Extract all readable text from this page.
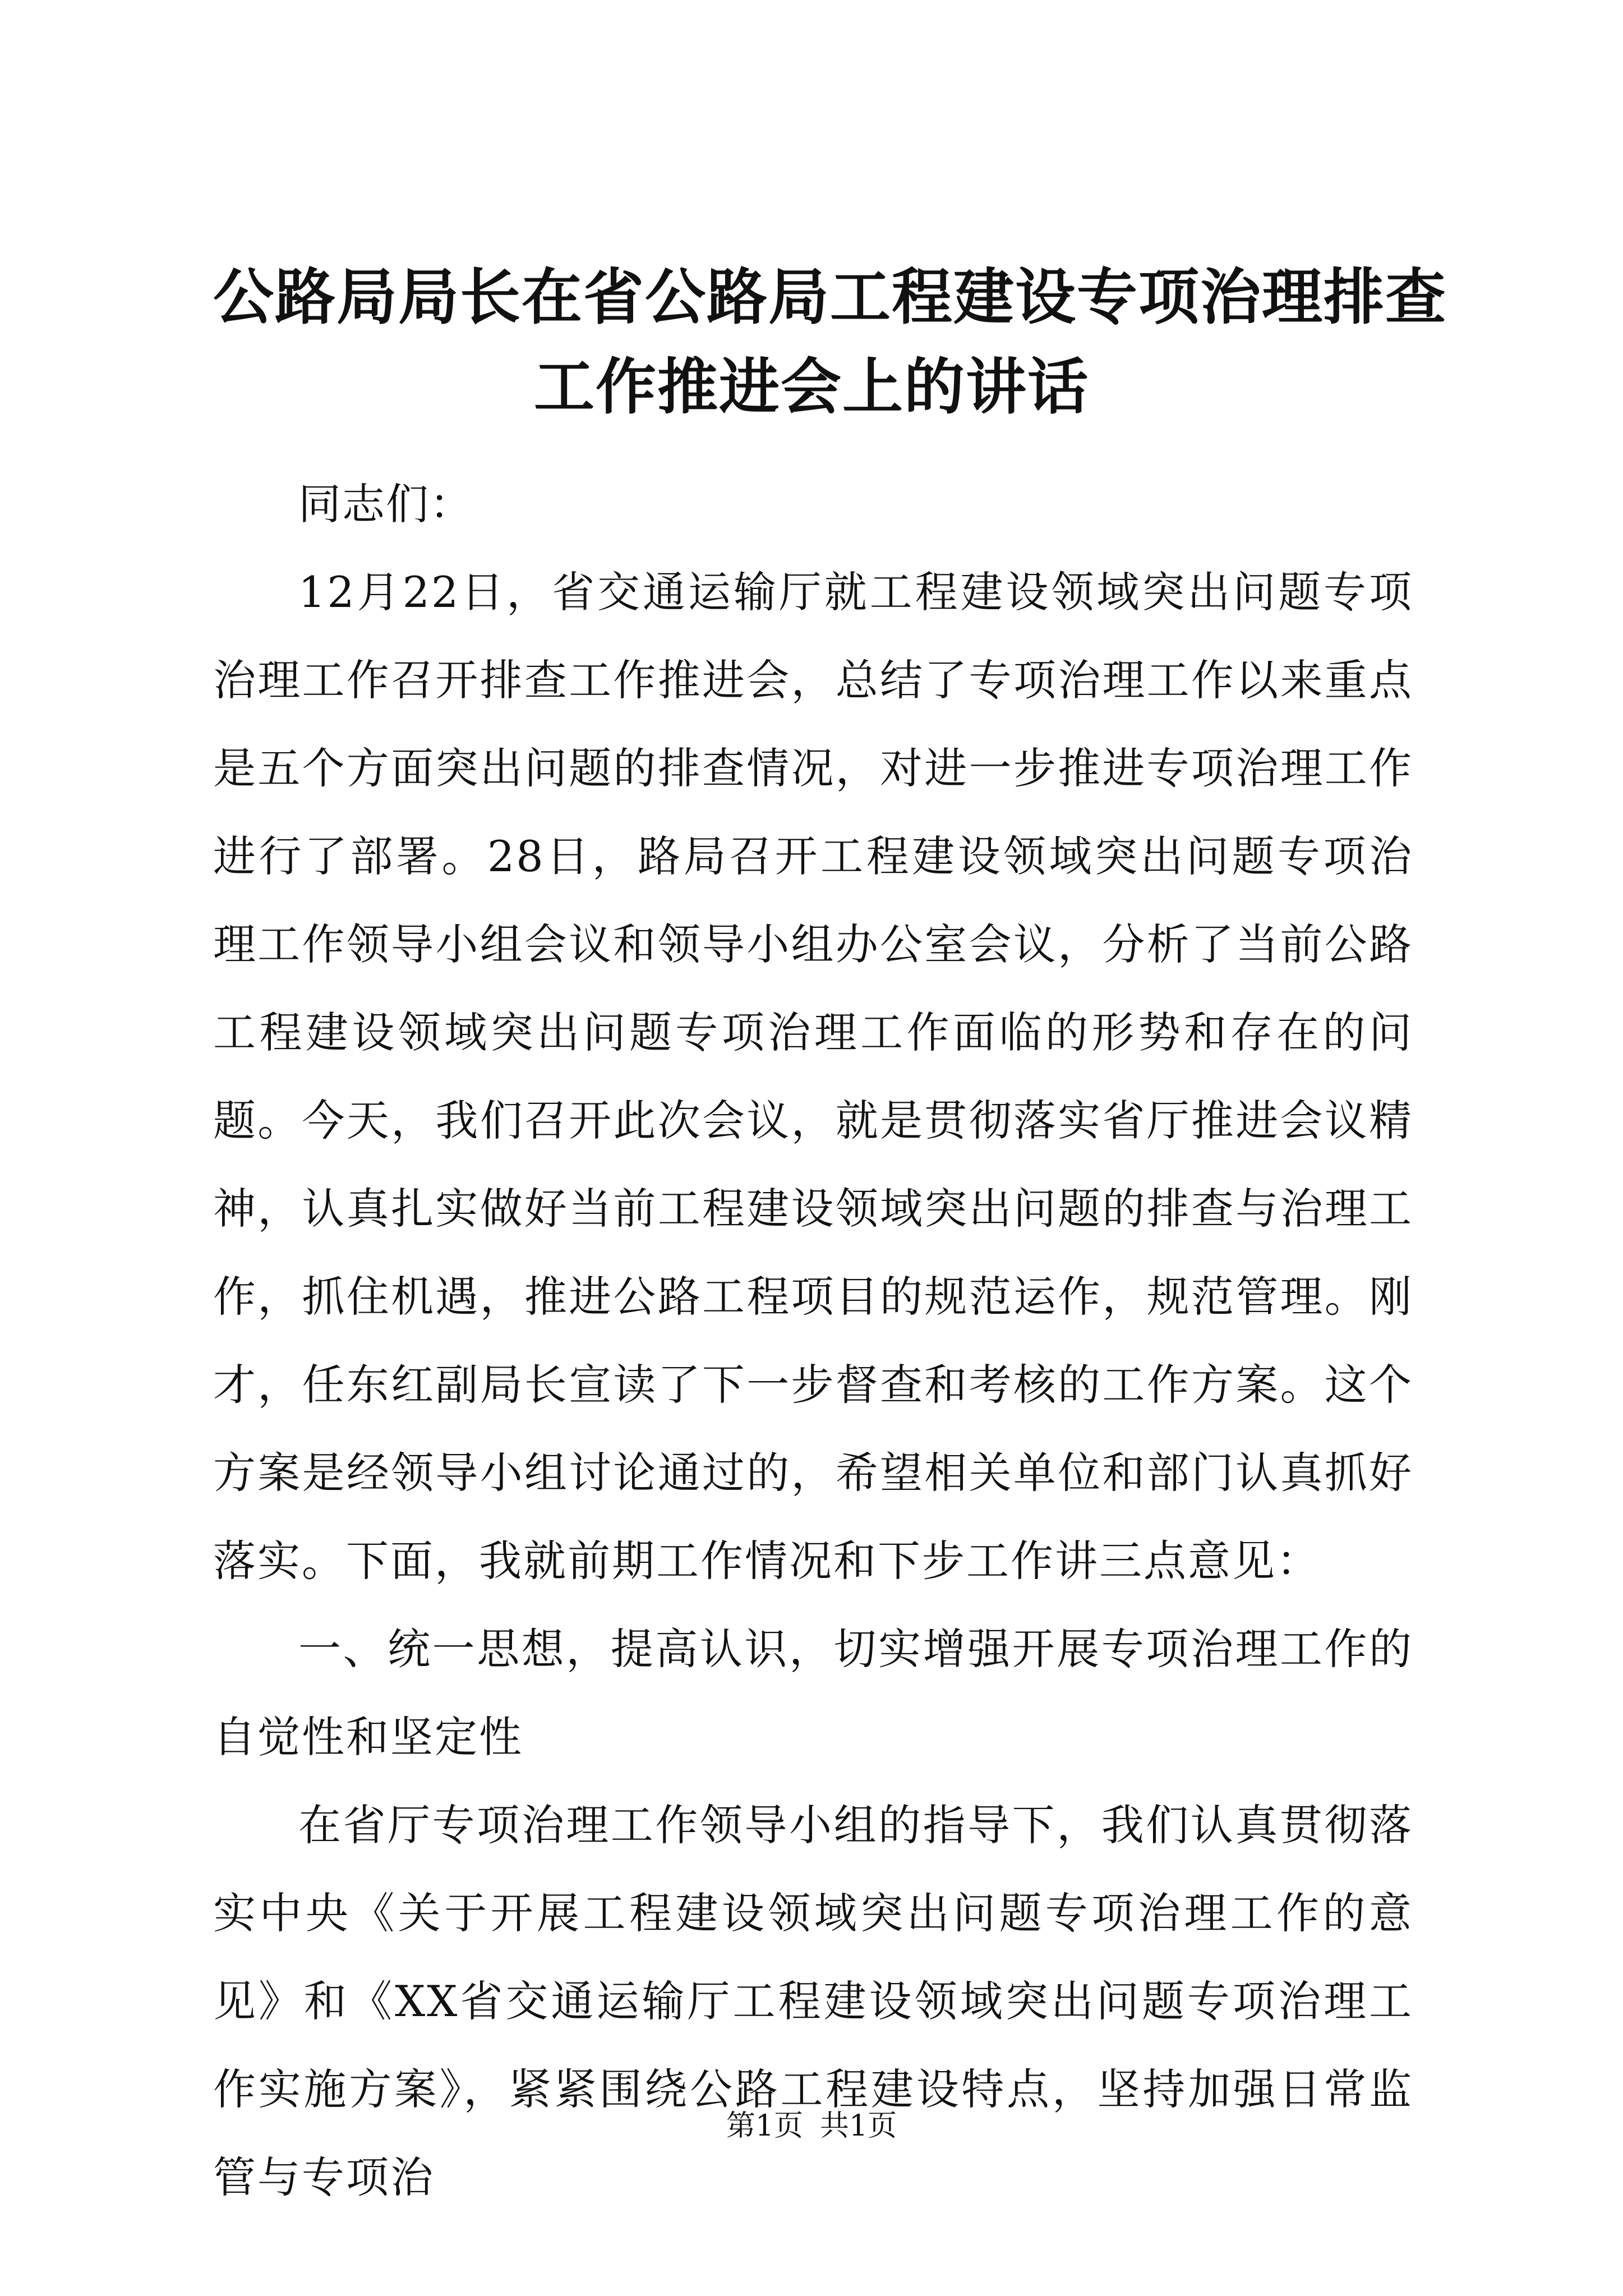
公路局局长在省公路局工程建设专项治理排查
工作推进会上的讲话

同志们：

12月22日，省交通运输厅就工程建设领域突出问题专项治理工作召开排查工作推进会，总结了专项治理工作以来重点是五个方面突出问题的排查情况，对进一步推进专项治理工作进行了部署。28日，路局召开工程建设领域突出问题专项治理工作领导小组会议和领导小组办公室会议，分析了当前公路工程建设领域突出问题专项治理工作面临的形势和存在的问题。今天，我们召开此次会议，就是贯彻落实省厅推进会议精神，认真扎实做好当前工程建设领域突出问题的排查与治理工作，抓住机遇，推进公路工程项目的规范运作，规范管理。刚才，任东红副局长宣读了下一步督查和考核的工作方案。这个方案是经领导小组讨论通过的，希望相关单位和部门认真抓好落实。下面，我就前期工作情况和下步工作讲三点意见：

一、统一思想，提高认识，切实增强开展专项治理工作的自觉性和坚定性

在省厅专项治理工作领导小组的指导下，我们认真贯彻落实中央《关于开展工程建设领域突出问题专项治理工作的意见》和《XX省交通运输厅工程建设领域突出问题专项治理工作实施方案》，紧紧围绕公路工程建设特点，坚持加强日常监管与专项治

第1页 共1页
